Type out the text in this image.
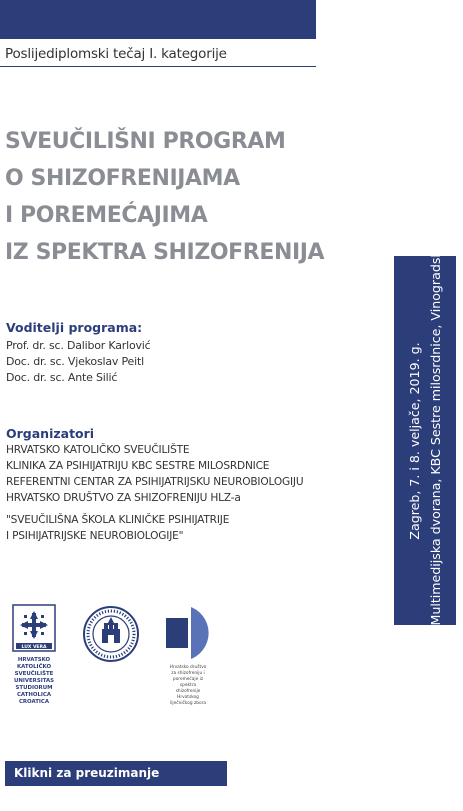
Poslijediplomski tečaj I. kategorije
SVEUČILIŠNI PROGRAM
O SHIZOFRENIJAMA
I POREMEĆAJIMA
IZ SPEKTRA SHIZOFRENIJA
Zagreb, 7. i 8. veljače, 2019. g. Multimedijska dvorana, KBC Sestre milosrdnice, Vinogradska 29
Voditelji programa:
Prof. dr. sc. Dalibor Karlović
Doc. dr. sc. Vjekoslav Peitl
Doc. dr. sc. Ante Silić
Organizatori
HRVATSKO KATOLIČKO SVEUČILIŠTE
KLINIKA ZA PSIHIJATRIJU KBC SESTRE MILOSRDNICE
REFERENTNI CENTAR ZA PSIHIJATRIJSKU NEUROBIOLOGIJU
HRVATSKO DRUŠTVO ZA SHIZOFRENIJU HLZ-a
"SVEUČILIŠNA ŠKOLA KLINIČKE PSIHIJATRIJE
I PSIHIJATRIJSKE NEUROBIOLOGIJE"
LUX VERA
HRVATSKO
KATOLIČKO
SVEUČILIŠTE
UNIVERSITAS
STUDIORUM
CATHOLICA
CROATICA
Hrvatsko društvo
za shizofreniju i
poremećaje iz
spektra
shizofrenije
Hrvatskog
liječničkog zbora
Klikni za preuzimanje programa
